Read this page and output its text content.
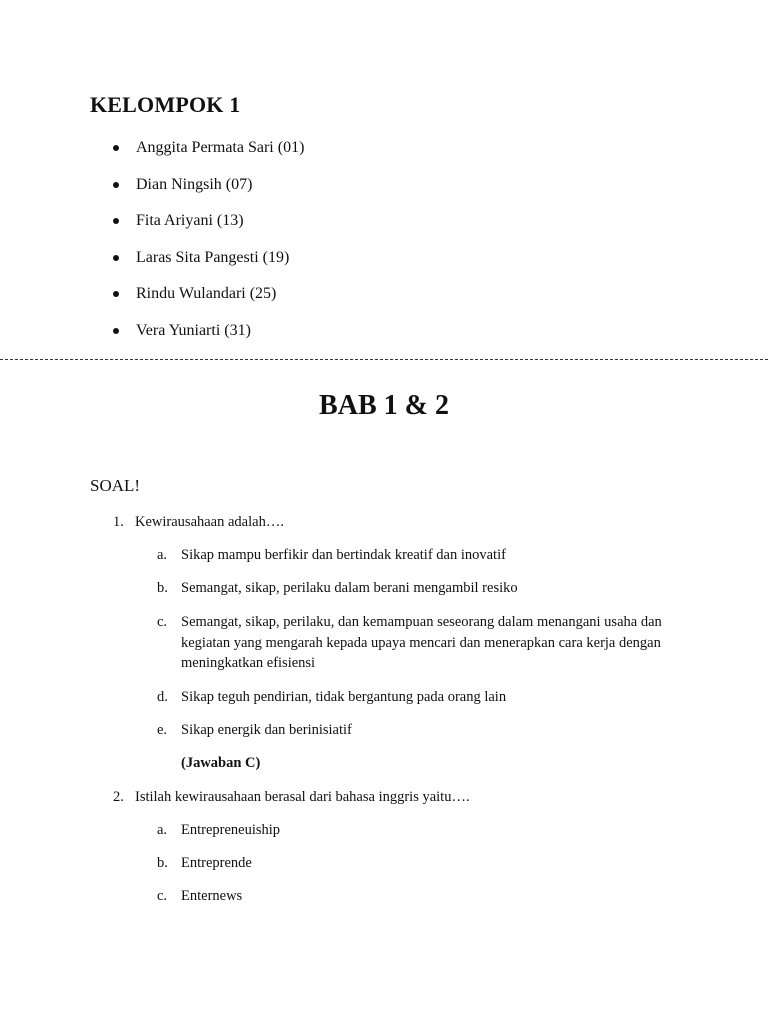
KELOMPOK 1
Anggita Permata Sari (01)
Dian Ningsih (07)
Fita Ariyani (13)
Laras Sita Pangesti (19)
Rindu Wulandari (25)
Vera Yuniarti (31)
BAB 1 & 2
SOAL!
1. Kewirausahaan adalah….
a. Sikap mampu berfikir dan bertindak kreatif dan inovatif
b. Semangat, sikap, perilaku dalam berani mengambil resiko
c. Semangat, sikap, perilaku, dan kemampuan seseorang dalam menangani usaha dan kegiatan yang mengarah kepada upaya mencari dan menerapkan cara kerja dengan meningkatkan efisiensi
d. Sikap teguh pendirian, tidak bergantung pada orang lain
e. Sikap energik dan berinisiatif
(Jawaban C)
2. Istilah kewirausahaan berasal dari bahasa inggris yaitu….
a. Entrepreneuiship
b. Entreprende
c. Enternews
